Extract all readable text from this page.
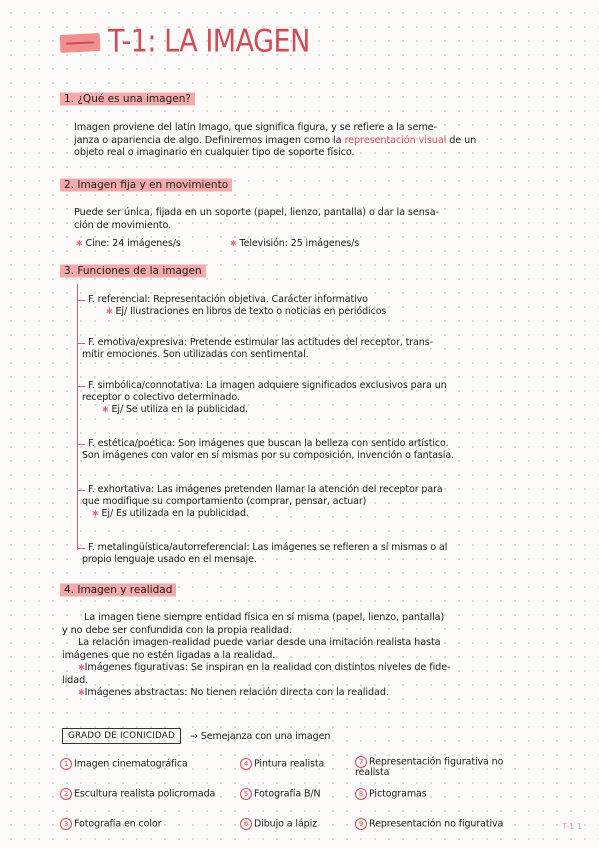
T-1: LA IMAGEN
1. ¿Qué es una imagen?
Imagen proviene del latín Imago, que significa figura, y se refiere a la seme-
janza o apariencia de algo. Definiremos imagen como la representación visual de un
objeto real o imaginario en cualquier tipo de soporte físico.
2. Imagen fija y en movimiento
Puede ser única, fijada en un soporte (papel, lienzo, pantalla) o dar la sensa-
ción de movimiento.
✱ Cine: 24 imágenes/s	✱ Televisión: 25 imágenes/s
3. Funciones de la imagen
F. referencial: Representación objetiva. Carácter informativo
✱ Ej/ Ilustraciones en libros de texto o noticias en periódicos
F. emotiva/expresiva: Pretende estimular las actitudes del receptor, trans-
mitir emociones. Son utilizadas con sentimental.
F. simbólica/connotativa: La imagen adquiere significados exclusivos para un
receptor o colectivo determinado.
✱ Ej/ Se utiliza en la publicidad.
F. estética/poética: Son imágenes que buscan la belleza con sentido artístico.
Son imágenes con valor en sí mismas por su composición, invención o fantasía.
F. exhortativa: Las imágenes pretenden llamar la atención del receptor para
que modifique su comportamiento (comprar, pensar, actuar)
✱ Ej/ Es utilizada en la publicidad.
F. metalingüística/autorreferencial: Las imágenes se refieren a sí mismas o al
propio lenguaje usado en el mensaje.
4. Imagen y realidad
La imagen tiene siempre entidad física en sí misma (papel, lienzo, pantalla)
y no debe ser confundida con la propia realidad.
La relación imagen-realidad puede variar desde una imitación realista hasta
imágenes que no estén ligadas a la realidad.
✱Imágenes figurativas: Se inspiran en la realidad con distintos niveles de fide-
lidad.
✱Imágenes abstractas: No tienen relación directa con la realidad.
GRADO DE ICONICIDAD	→ Semejanza con una imagen
1 Imagen cinematográfica
2 Escultura realista policromada
3 Fotografía en color
4 Pintura realista
5 Fotografía B/N
6 Dibujo a lápiz
7 Representación figurativa no realista
8 Pictogramas
9 Representación no figurativa	T-1 1
